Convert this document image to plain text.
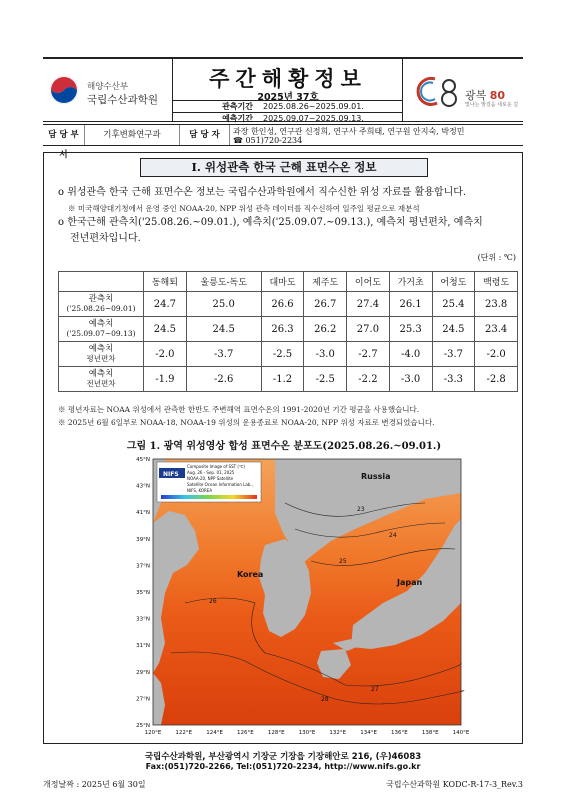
해양수산부
국립수산과학원
주간해황정보
2025년 37호
관측기간	2025.08.26~2025.09.01.
예측기간	2025.09.07~2025.09.13.
광복 80
빛나는 발걸음 새로운 길
담 당 부 서
기후변화연구과	담 당 자	과장 한인성, 연구관 신정희, 연구사 주희태, 연구원 안지숙, 박정민
☎ 051)720-2234
I. 위성관측 한국 근해 표면수온 정보
o 위성관측 한국 근해 표면수온 정보는 국립수산과학원에서 직수신한 위성 자료를 활용합니다.
※ 미국해양대기청에서 운영 중인 NOAA-20, NPP 위성 관측 데이터를 직수신하여 일주일 평균으로 재분석
o 한국근해 관측치('25.08.26.~09.01.), 예측치('25.09.07.~09.13.), 예측치 평년편차, 예측치
전년편차입니다.
(단위 : ℃)
	동해퇴	울릉도-독도	대마도	제주도	이어도	가거초	어청도	백령도

관측치
('25.08.26~09.01)	24.7	25.0	26.6	26.7	27.4	26.1	25.4	23.8

예측치
('25.09.07~09.13)	24.5	24.5	26.3	26.2	27.0	25.3	24.5	23.4

예측치
평년편차	-2.0	-3.7	-2.5	-3.0	-2.7	-4.0	-3.7	-2.0

예측치
전년편차	-1.9	-2.6	-1.2	-2.5	-2.2	-3.0	-3.3	-2.8
※ 평년자료는 NOAA 위성에서 관측한 한반도 주변해역 표면수온의 1991-2020년 기간 평균을 사용했습니다.
※ 2025년 6월 6일부로 NOAA-18, NOAA-19 위성의 운용종료로 NOAA-20, NPP 위성 자료로 변경되었습니다.
그림 1. 광역 위성영상 합성 표면수온 분포도(2025.08.26.~09.01.)
23
24
25
26
27
28
Russia
Korea
Japan
NIFS
Composite Image of SST (℃)
Aug. 26 - Sep. 01, 2025
NOAA-20, NPP Satellite
Satellite Ocean Information Lab.,
NIFS, KOREA
45°N
43°N
41°N
39°N
37°N
35°N
33°N
31°N
29°N
27°N
25°N
120°E	122°E	124°E	126°E	128°E	130°E	132°E	134°E	136°E	138°E	140°E
국립수산과학원, 부산광역시 기장군 기장읍 기장해안로 216, (우)46083
Fax:(051)720-2266, Tel:(051)720-2234, http://www.nifs.go.kr
개정날짜 : 2025년 6월 30일	국립수산과학원 KODC-R-17-3_Rev.3
